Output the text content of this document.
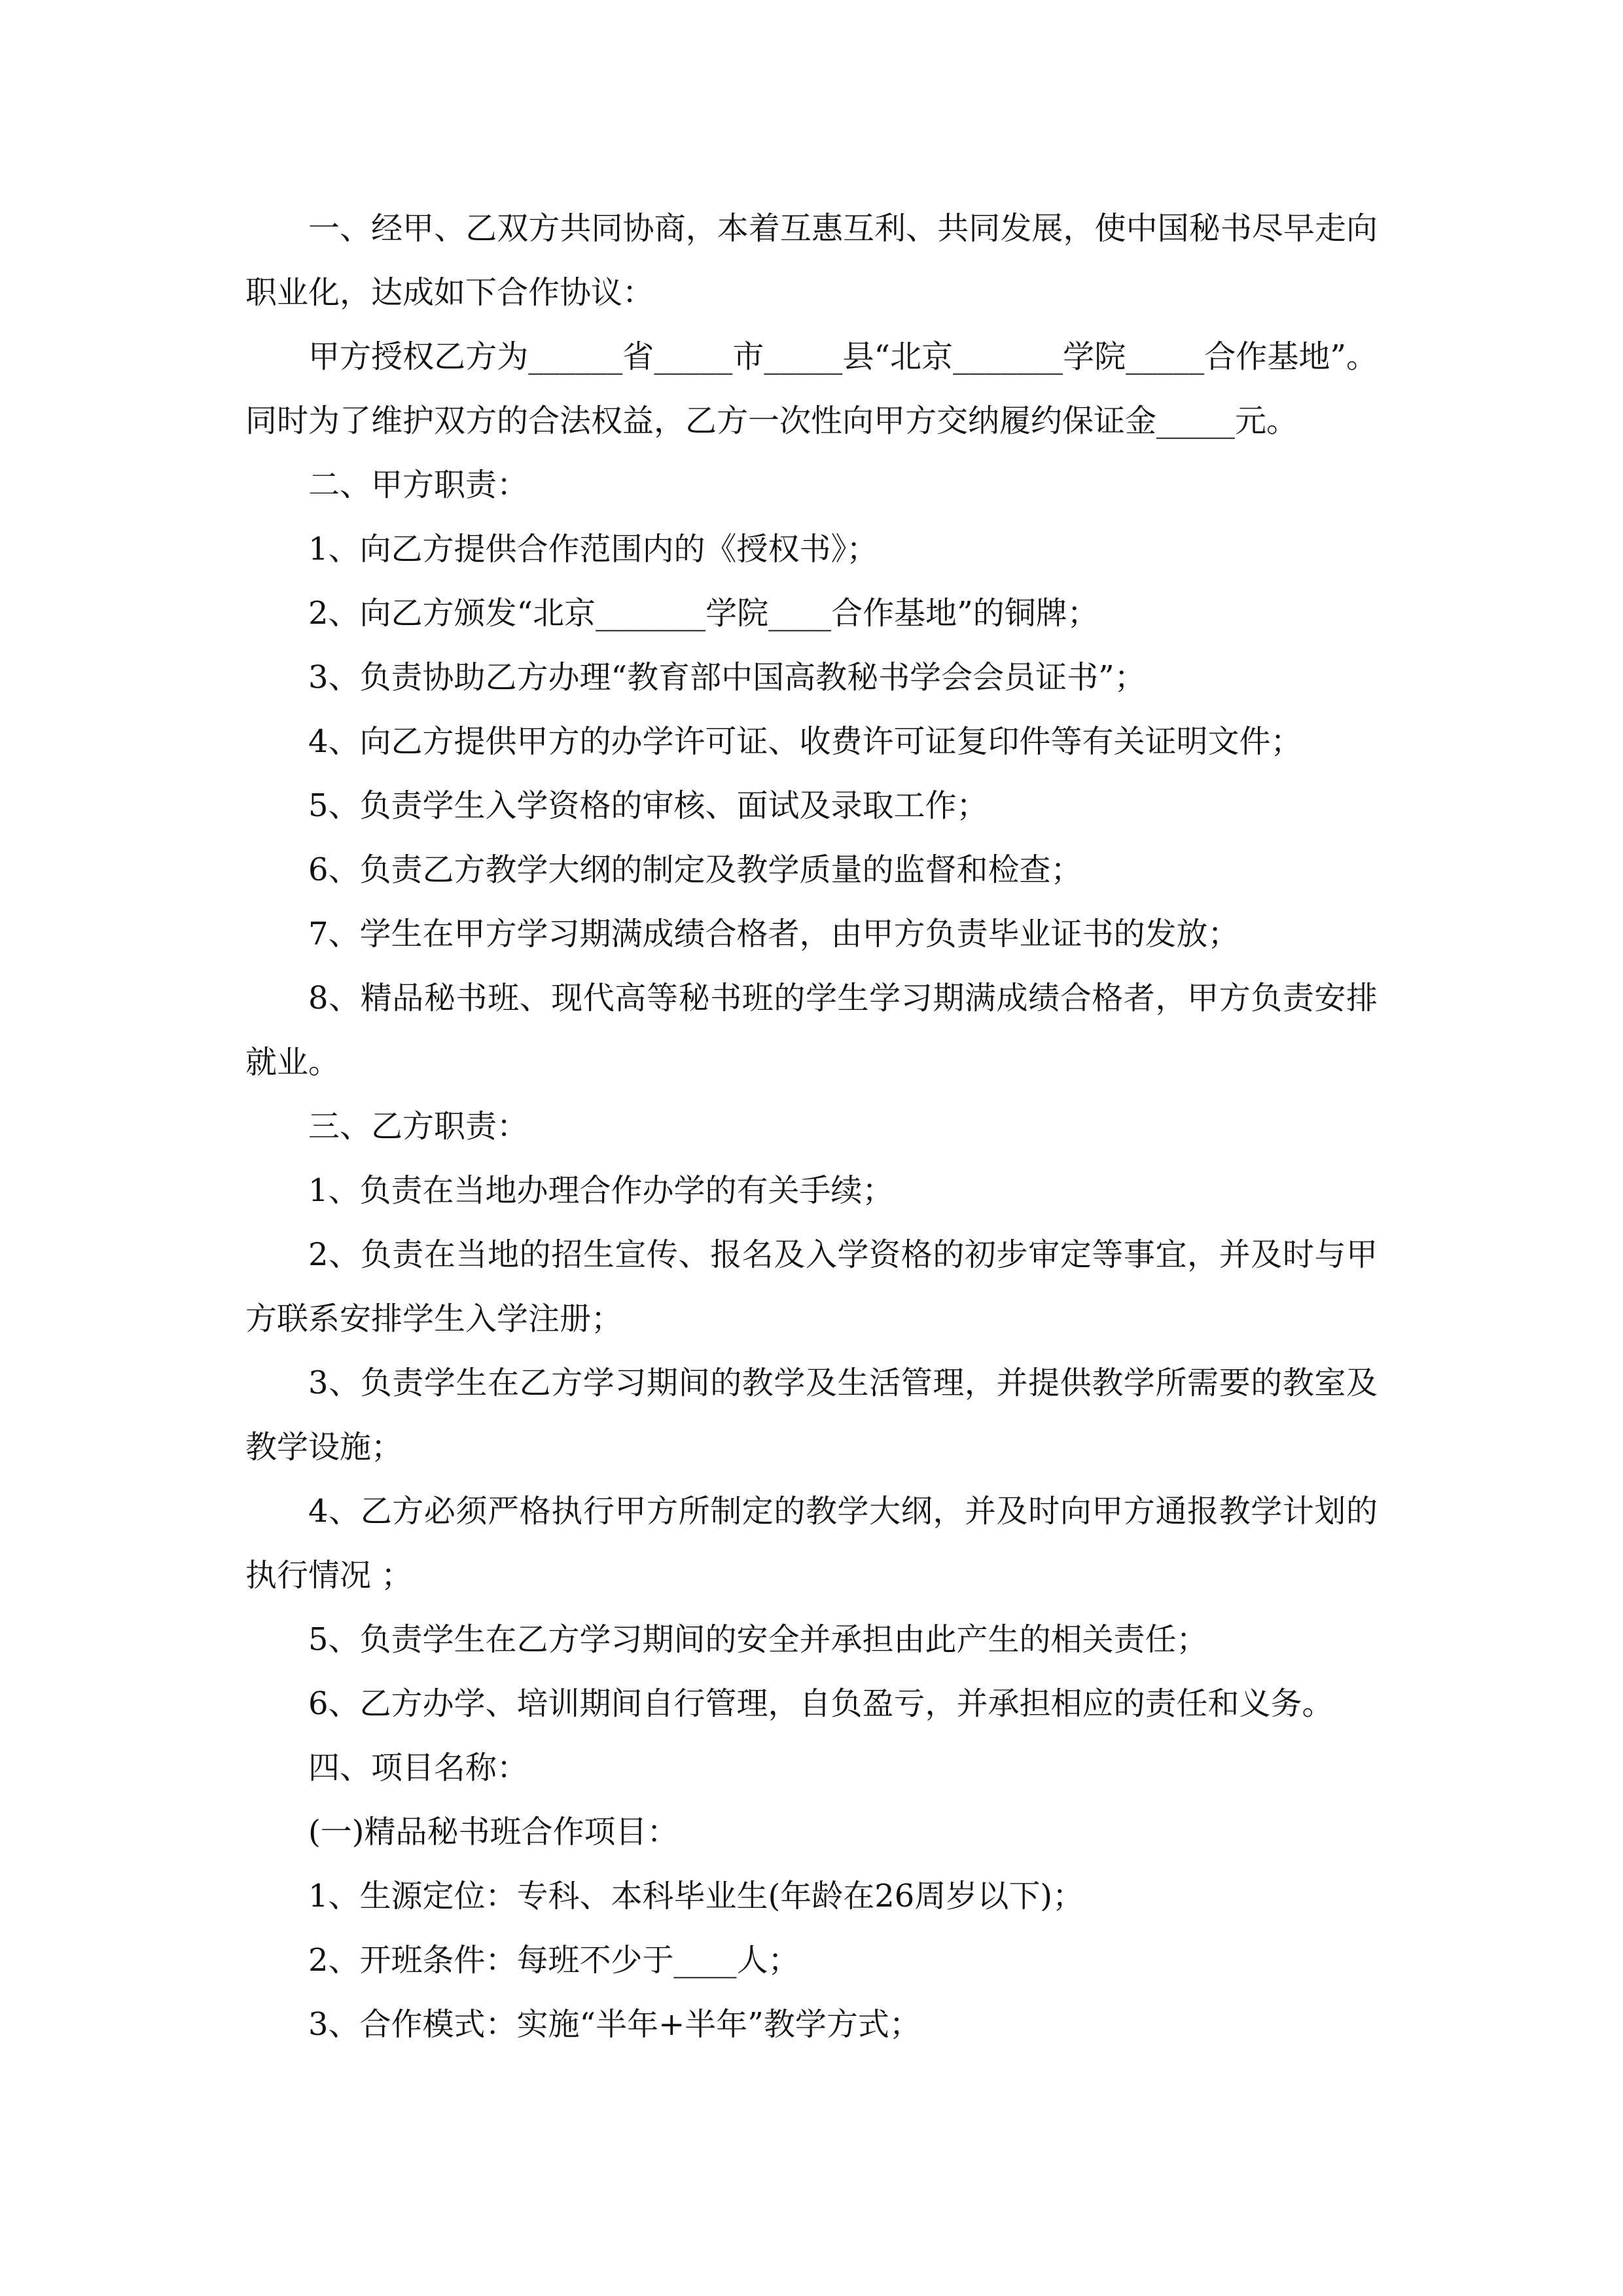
一、经甲、乙双方共同协商，本着互惠互利、共同发展，使中国秘书尽早走向职业化，达成如下合作协议：

甲方授权乙方为______省_____市_____县“北京_______学院_____合作基地”。同时为了维护双方的合法权益，乙方一次性向甲方交纳履约保证金_____元。

二、甲方职责：

1、向乙方提供合作范围内的《授权书》；

2、向乙方颁发“北京_______学院____合作基地”的铜牌；

3、负责协助乙方办理“教育部中国高教秘书学会会员证书”；

4、向乙方提供甲方的办学许可证、收费许可证复印件等有关证明文件；

5、负责学生入学资格的审核、面试及录取工作；

6、负责乙方教学大纲的制定及教学质量的监督和检查；

7、学生在甲方学习期满成绩合格者，由甲方负责毕业证书的发放；

8、精品秘书班、现代高等秘书班的学生学习期满成绩合格者，甲方负责安排就业。

三、乙方职责：

1、负责在当地办理合作办学的有关手续；

2、负责在当地的招生宣传、报名及入学资格的初步审定等事宜，并及时与甲方联系安排学生入学注册；

3、负责学生在乙方学习期间的教学及生活管理，并提供教学所需要的教室及教学设施；

4、乙方必须严格执行甲方所制定的教学大纲，并及时向甲方通报教学计划的执行情况 ；

5、负责学生在乙方学习期间的安全并承担由此产生的相关责任；

6、乙方办学、培训期间自行管理，自负盈亏，并承担相应的责任和义务。

四、项目名称：

(一)精品秘书班合作项目：

1、生源定位：专科、本科毕业生(年龄在26周岁以下)；

2、开班条件：每班不少于____人；

3、合作模式：实施“半年+半年”教学方式；
